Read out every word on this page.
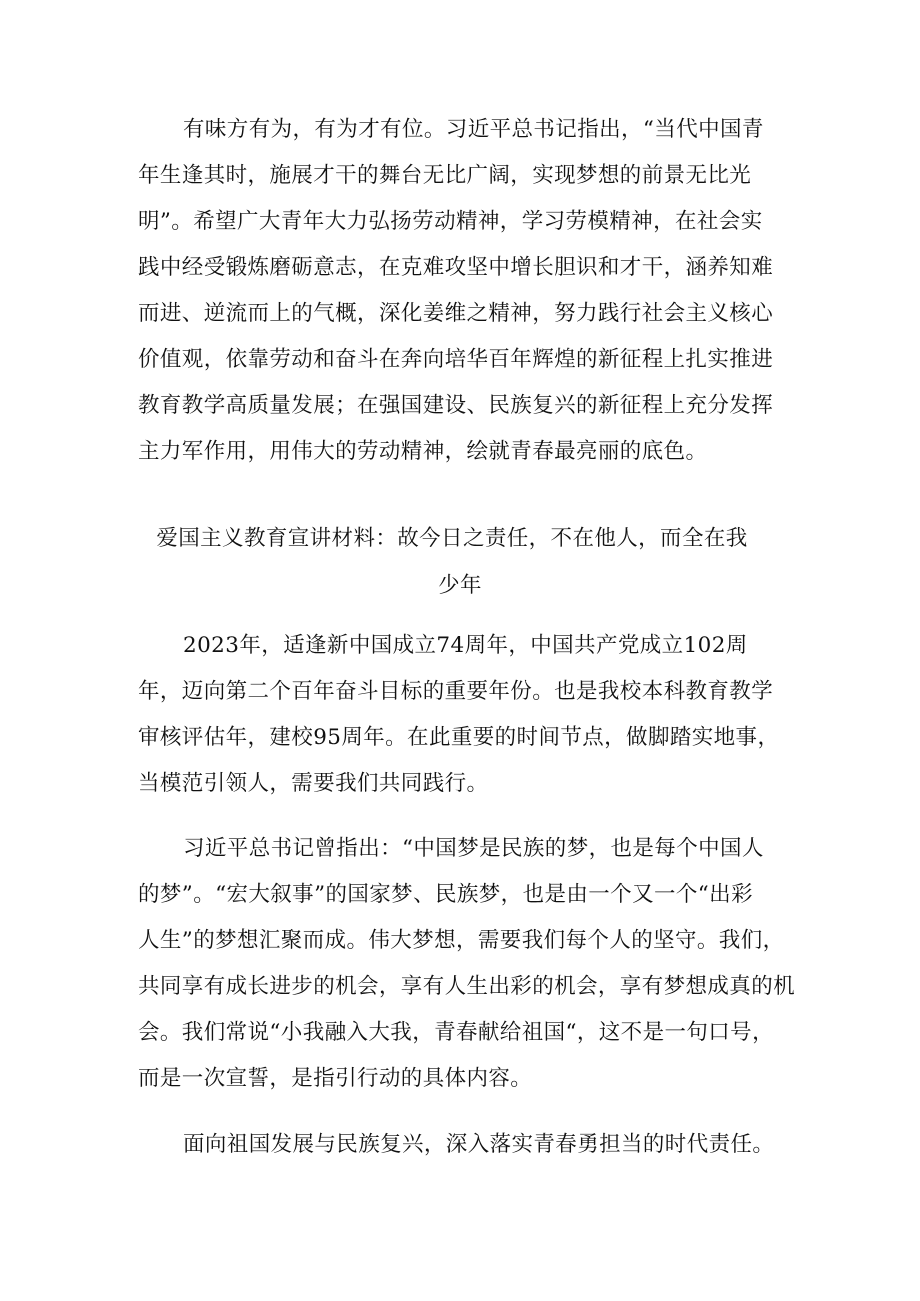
有味方有为，有为才有位。习近平总书记指出，“当代中国青
年生逢其时，施展才干的舞台无比广阔，实现梦想的前景无比光
明”。希望广大青年大力弘扬劳动精神，学习劳模精神，在社会实
践中经受锻炼磨砺意志，在克难攻坚中增长胆识和才干，涵养知难
而进、逆流而上的气概，深化姜维之精神，努力践行社会主义核心
价值观，依靠劳动和奋斗在奔向培华百年辉煌的新征程上扎实推进
教育教学高质量发展；在强国建设、民族复兴的新征程上充分发挥
主力军作用，用伟大的劳动精神，绘就青春最亮丽的底色。
爱国主义教育宣讲材料：故今日之责任，不在他人，而全在我
少年
2023年，适逢新中国成立74周年，中国共产党成立102周
年，迈向第二个百年奋斗目标的重要年份。也是我校本科教育教学
审核评估年，建校95周年。在此重要的时间节点，做脚踏实地事，
当模范引领人，需要我们共同践行。
习近平总书记曾指出：“中国梦是民族的梦，也是每个中国人
的梦”。“宏大叙事”的国家梦、民族梦，也是由一个又一个“出彩
人生”的梦想汇聚而成。伟大梦想，需要我们每个人的坚守。我们，
共同享有成长进步的机会，享有人生出彩的机会，享有梦想成真的机
会。我们常说“小我融入大我，青春献给祖国“，这不是一句口号，
而是一次宣誓，是指引行动的具体内容。
面向祖国发展与民族复兴，深入落实青春勇担当的时代责任。
